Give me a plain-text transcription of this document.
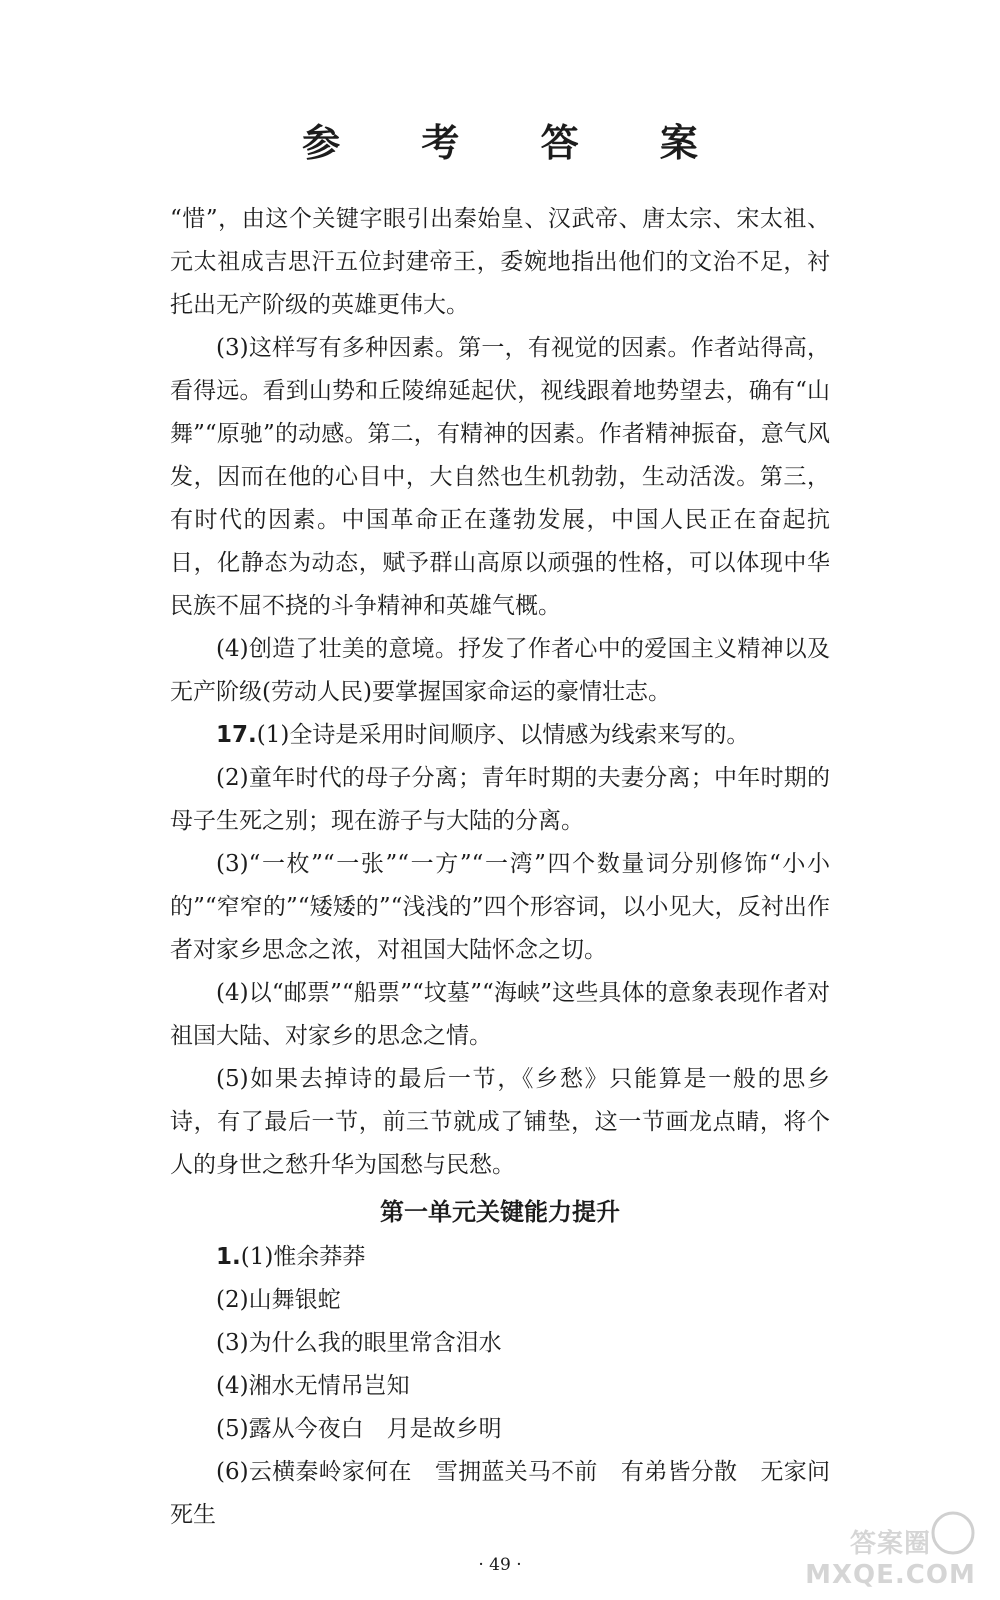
参 考 答 案

“惜”，由这个关键字眼引出秦始皇、汉武帝、唐太宗、宋太祖、元太祖成吉思汗五位封建帝王，委婉地指出他们的文治不足，衬托出无产阶级的英雄更伟大。

(3)这样写有多种因素。第一，有视觉的因素。作者站得高，看得远。看到山势和丘陵绵延起伏，视线跟着地势望去，确有“山舞”“原驰”的动感。第二，有精神的因素。作者精神振奋，意气风发，因而在他的心目中，大自然也生机勃勃，生动活泼。第三，有时代的因素。中国革命正在蓬勃发展，中国人民正在奋起抗日，化静态为动态，赋予群山高原以顽强的性格，可以体现中华民族不屈不挠的斗争精神和英雄气概。

(4)创造了壮美的意境。抒发了作者心中的爱国主义精神以及无产阶级(劳动人民)要掌握国家命运的豪情壮志。

17.(1)全诗是采用时间顺序、以情感为线索来写的。

(2)童年时代的母子分离；青年时期的夫妻分离；中年时期的母子生死之别；现在游子与大陆的分离。

(3)“一枚”“一张”“一方”“一湾”四个数量词分别修饰“小小的”“窄窄的”“矮矮的”“浅浅的”四个形容词，以小见大，反衬出作者对家乡思念之浓，对祖国大陆怀念之切。

(4)以“邮票”“船票”“坟墓”“海峡”这些具体的意象表现作者对祖国大陆、对家乡的思念之情。

(5)如果去掉诗的最后一节，《乡愁》只能算是一般的思乡诗，有了最后一节，前三节就成了铺垫，这一节画龙点睛，将个人的身世之愁升华为国愁与民愁。

第一单元关键能力提升

1.(1)惟余莽莽

(2)山舞银蛇

(3)为什么我的眼里常含泪水

(4)湘水无情吊岂知

(5)露从今夜白　月是故乡明

(6)云横秦岭家何在　雪拥蓝关马不前　有弟皆分散　无家问死生

· 49 ·
答案圈 MXQE.COM
